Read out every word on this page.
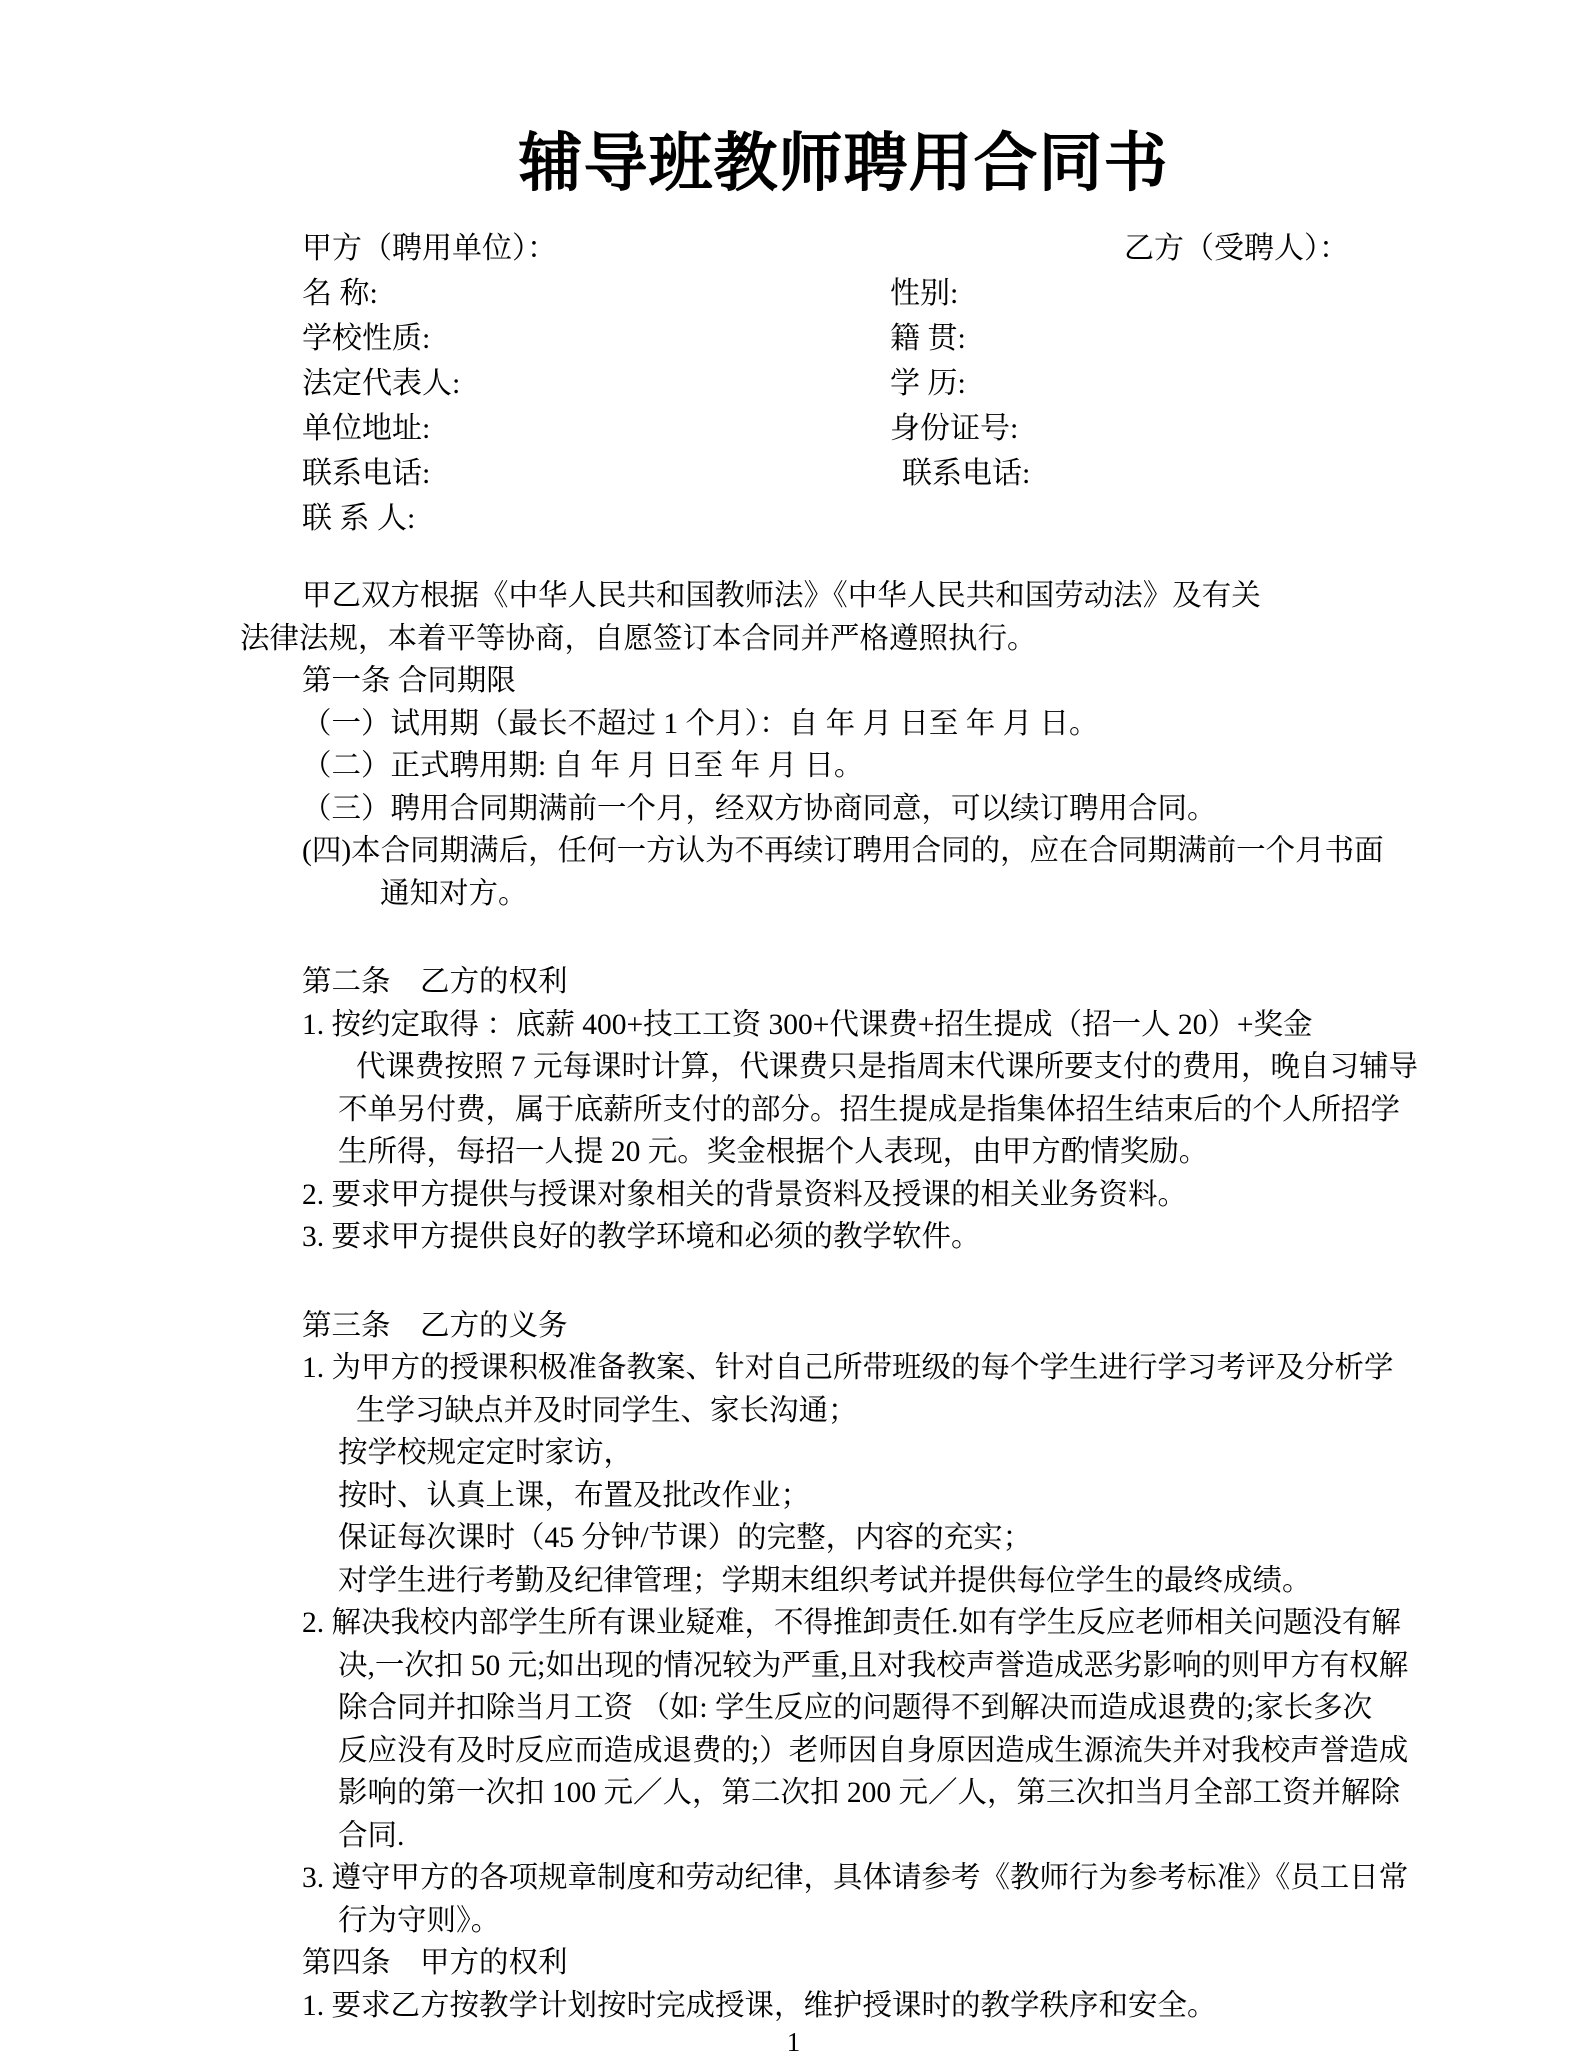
辅导班教师聘用合同书
甲方（聘用单位）：	乙方（受聘人）：
名 称:	性别:
学校性质:	籍 贯:
法定代表人:	学 历:
单位地址:	身份证号:
联系电话:	联系电话:
联 系 人:
甲乙双方根据《中华人民共和国教师法》《中华人民共和国劳动法》及有关
法律法规，本着平等协商，自愿签订本合同并严格遵照执行。
第一条 合同期限
（一）试用期（最长不超过 1 个月）：自 年 月 日至 年 月 日。
（二）正式聘用期: 自 年 月 日至 年 月 日。
（三）聘用合同期满前一个月，经双方协商同意，可以续订聘用合同。
(四)本合同期满后，任何一方认为不再续订聘用合同的，应在合同期满前一个月书面
通知对方。
第二条　乙方的权利
1. 按约定取得 ：底薪 400+技工工资 300+代课费+招生提成（招一人 20）+奖金
代课费按照 7 元每课时计算，代课费只是指周末代课所要支付的费用，晚自习辅导
不单另付费，属于底薪所支付的部分。招生提成是指集体招生结束后的个人所招学
生所得，每招一人提 20 元。奖金根据个人表现，由甲方酌情奖励。
2. 要求甲方提供与授课对象相关的背景资料及授课的相关业务资料。
3. 要求甲方提供良好的教学环境和必须的教学软件。
第三条　乙方的义务
1. 为甲方的授课积极准备教案、针对自己所带班级的每个学生进行学习考评及分析学
生学习缺点并及时同学生、家长沟通；
按学校规定定时家访，
按时、认真上课，布置及批改作业；
保证每次课时（45 分钟/节课）的完整，内容的充实；
对学生进行考勤及纪律管理；学期末组织考试并提供每位学生的最终成绩。
2. 解决我校内部学生所有课业疑难，不得推卸责任.如有学生反应老师相关问题没有解
决,一次扣 50 元;如出现的情况较为严重,且对我校声誉造成恶劣影响的则甲方有权解
除合同并扣除当月工资 （如: 学生反应的问题得不到解决而造成退费的;家长多次
反应没有及时反应而造成退费的;）老师因自身原因造成生源流失并对我校声誉造成
影响的第一次扣 100 元／人，第二次扣 200 元／人，第三次扣当月全部工资并解除
合同.
3. 遵守甲方的各项规章制度和劳动纪律，具体请参考《教师行为参考标准》《员工日常
行为守则》。
第四条　甲方的权利
1. 要求乙方按教学计划按时完成授课，维护授课时的教学秩序和安全。
1
